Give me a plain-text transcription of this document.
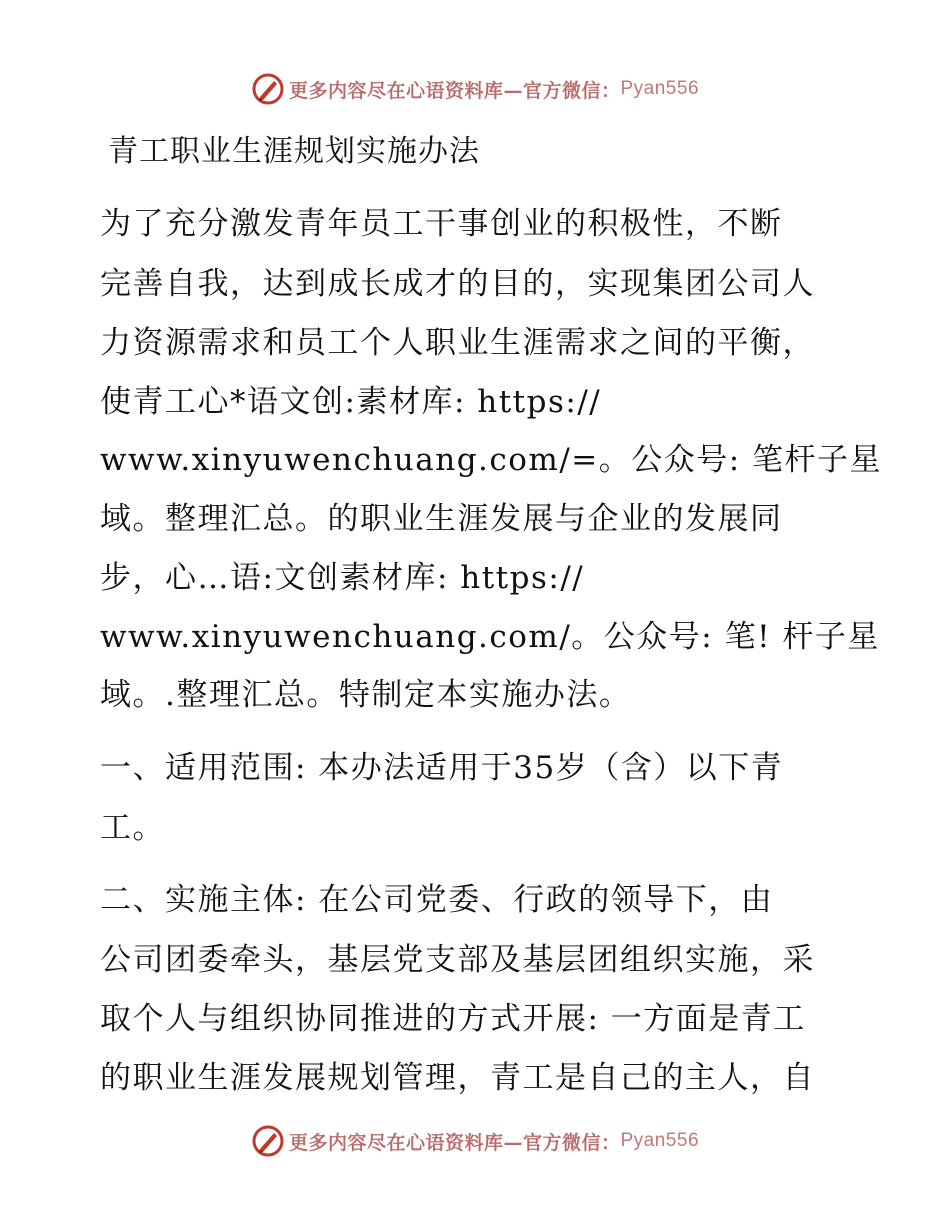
更多内容尽在心语资料库—官方微信：Pyan556
青工职业生涯规划实施办法
为了充分激发青年员工干事创业的积极性，不断
完善自我，达到成长成才的目的，实现集团公司人
力资源需求和员工个人职业生涯需求之间的平衡，
使青工心*语文创:素材库: https://
www.xinyuwenchuang.com/=。公众号: 笔杆子星
域。整理汇总。的职业生涯发展与企业的发展同
步，心…语:文创素材库: https://
www.xinyuwenchuang.com/。公众号: 笔! 杆子星
域。.整理汇总。特制定本实施办法。
一、适用范围: 本办法适用于35岁（含）以下青
工。
二、实施主体: 在公司党委、行政的领导下，由
公司团委牵头，基层党支部及基层团组织实施，采
取个人与组织协同推进的方式开展: 一方面是青工
的职业生涯发展规划管理，青工是自己的主人，自
更多内容尽在心语资料库—官方微信：Pyan556
